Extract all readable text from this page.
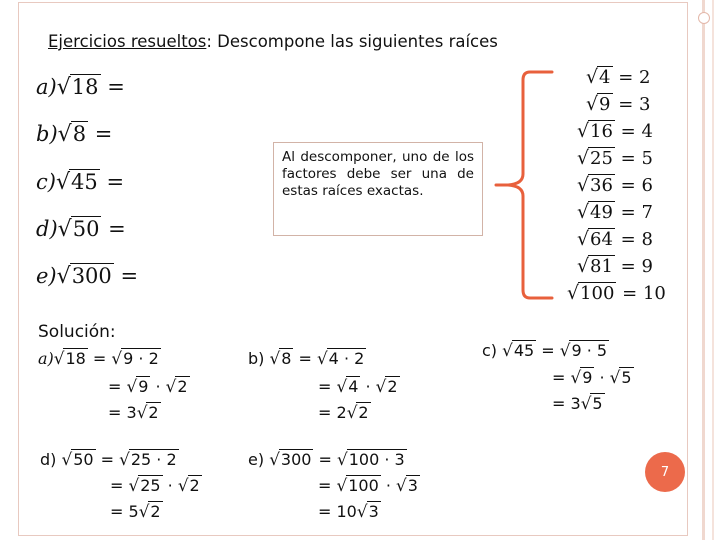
Ejercicios resueltos: Descompone las siguientes raíces
a)√18 =
b)√8 =
c)√45 =
d)√50 =
e)√300 =
Al descomponer, uno de los factores debe ser una de estas raíces exactas.
√4 = 2
√9 = 3
√16 = 4
√25 = 5
√36 = 6
√49 = 7
√64 = 8
√81 = 9
√100 = 10
Solución:
a)√18 = √9 · 2
= √9 · √2
= 3√2
b) √8 = √4 · 2
= √4 · √2
= 2√2
c) √45 = √9 · 5
= √9 · √5
= 3√5
d) √50 = √25 · 2
= √25 · √2
= 5√2
e) √300 = √100 · 3
= √100 · √3
= 10√3
7
